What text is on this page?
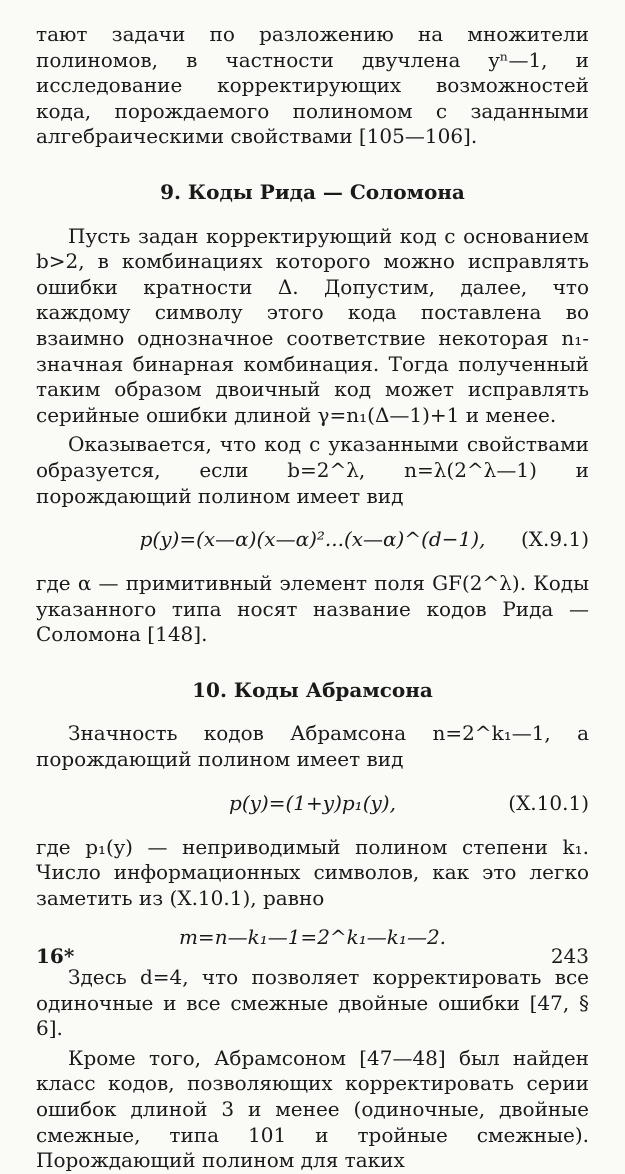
тают задачи по разложению на множители полиномов, в частности двучлена yⁿ—1, и исследование корректирующих возможностей кода, порождаемого полиномом с заданными алгебраическими свойствами [105—106].

9. Коды Рида — Соломона

Пусть задан корректирующий код с основанием b>2, в комбинациях которого можно исправлять ошибки кратности Δ. Допустим, далее, что каждому символу этого кода поставлена во взаимно однозначное соответствие некоторая n₁-значная бинарная комбинация. Тогда полученный таким образом двоичный код может исправлять серийные ошибки длиной γ=n₁(Δ—1)+1 и менее.

Оказывается, что код с указанными свойствами образуется, если b=2^λ, n=λ(2^λ—1) и порождающий полином имеет вид

p(y)=(x—α)(x—α)²...(x—α)^(d−1),	(X.9.1)

где α — примитивный элемент поля GF(2^λ). Коды указанного типа носят название кодов Рида — Соломона [148].

10. Коды Абрамсона

Значность кодов Абрамсона n=2^k₁—1, а порождающий полином имеет вид

p(y)=(1+y)p₁(y),	(X.10.1)

где p₁(y) — неприводимый полином степени k₁. Число информационных символов, как это легко заметить из (X.10.1), равно

m=n—k₁—1=2^k₁—k₁—2.

Здесь d=4, что позволяет корректировать все одиночные и все смежные двойные ошибки [47, § 6].

Кроме того, Абрамсоном [47—48] был найден класс кодов, позволяющих корректировать серии ошибок длиной 3 и менее (одиночные, двойные смежные, типа 101 и тройные смежные). Порождающий полином для таких

16*	243
